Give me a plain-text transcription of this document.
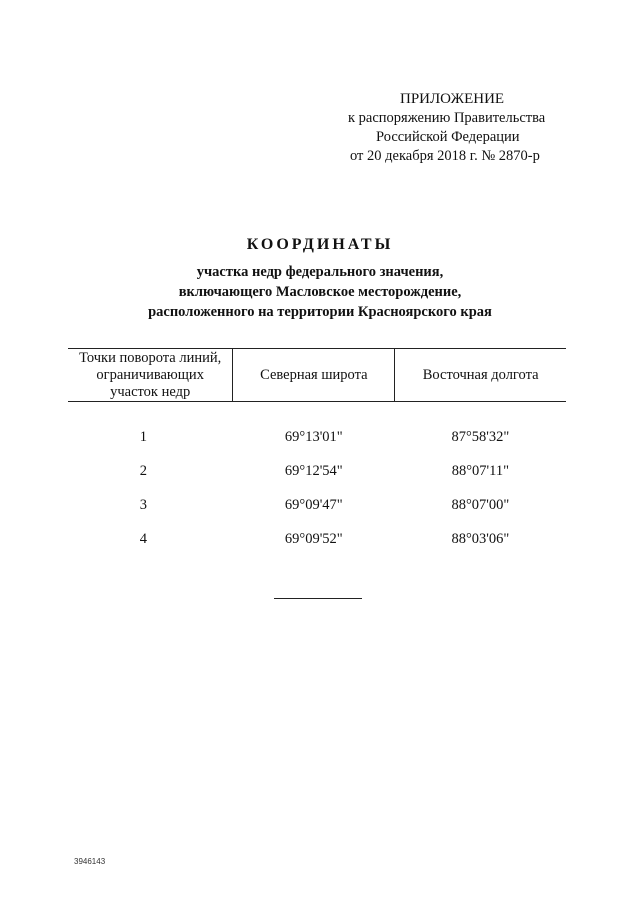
ПРИЛОЖЕНИЕ
к распоряжению Правительства
Российской Федерации
от 20 декабря 2018 г. № 2870-р
КООРДИНАТЫ
участка недр федерального значения,
включающего Масловское месторождение,
расположенного на территории Красноярского края
Точки поворота линий, ограничивающих участок недр	Северная широта	Восточная долгота
1	69°13'01"	87°58'32"
2	69°12'54"	88°07'11"
3	69°09'47"	88°07'00"
4	69°09'52"	88°03'06"
3946143
